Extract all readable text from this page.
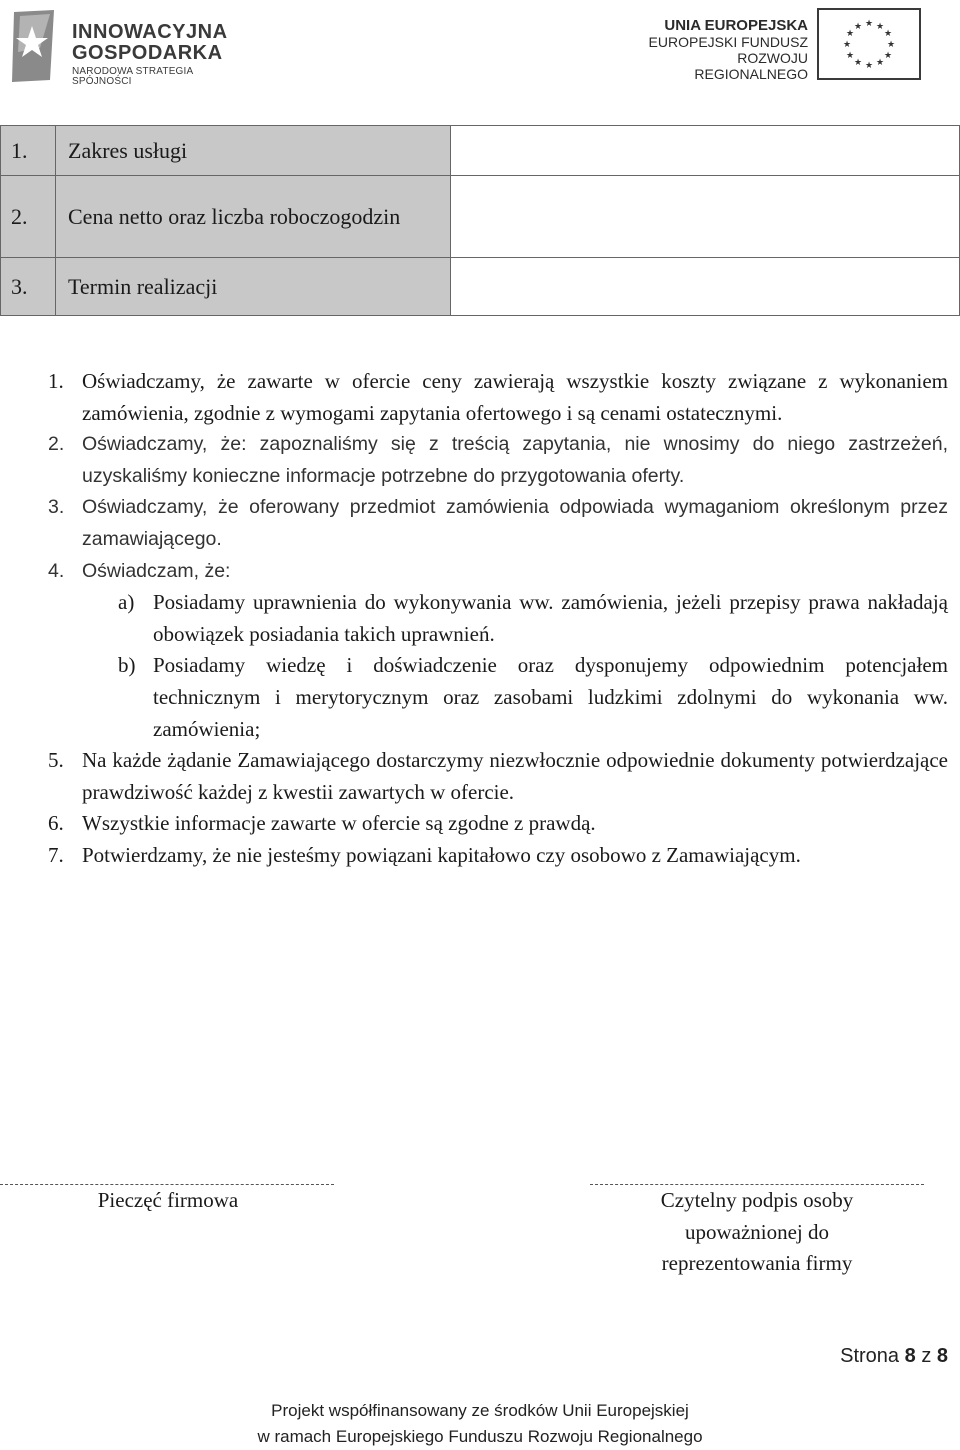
INNOWACYJNA
GOSPODARKA
NARODOWA STRATEGIA SPÓJNOŚCI
UNIA EUROPEJSKA
EUROPEJSKI FUNDUSZ
ROZWOJU REGIONALNEGO
★ ★
★
★
★
★
★
★
★
★
★
★
1.	Zakres usługi	
2.	Cena netto oraz liczba roboczogodzin	
3.	Termin realizacji	
1. Oświadczamy, że zawarte w ofercie ceny zawierają wszystkie koszty związane z wykonaniem zamówienia, zgodnie z wymogami zapytania ofertowego i są cenami ostatecznymi.
2. Oświadczamy, że: zapoznaliśmy się z treścią zapytania, nie wnosimy do niego zastrzeżeń, uzyskaliśmy konieczne informacje potrzebne do przygotowania oferty.
3. Oświadczamy, że oferowany przedmiot zamówienia odpowiada wymaganiom określonym przez zamawiającego.
4. Oświadczam, że:
a) Posiadamy uprawnienia do wykonywania ww. zamówienia, jeżeli przepisy prawa nakładają obowiązek posiadania takich uprawnień.
b) Posiadamy wiedzę i doświadczenie oraz dysponujemy odpowiednim potencjałem technicznym i merytorycznym oraz zasobami ludzkimi zdolnymi do wykonania ww. zamówienia;
5. Na każde żądanie Zamawiającego dostarczymy niezwłocznie odpowiednie dokumenty potwierdzające prawdziwość każdej z kwestii zawartych w ofercie.
6. Wszystkie informacje zawarte w ofercie są zgodne z prawdą.
7. Potwierdzamy, że nie jesteśmy powiązani kapitałowo czy osobowo z Zamawiającym.
Pieczęć firmowa	Czytelny podpis osoby
upoważnionej do
reprezentowania firmy
Strona 8 z 8
Projekt współfinansowany ze środków Unii Europejskiej
w ramach Europejskiego Funduszu Rozwoju Regionalnego
